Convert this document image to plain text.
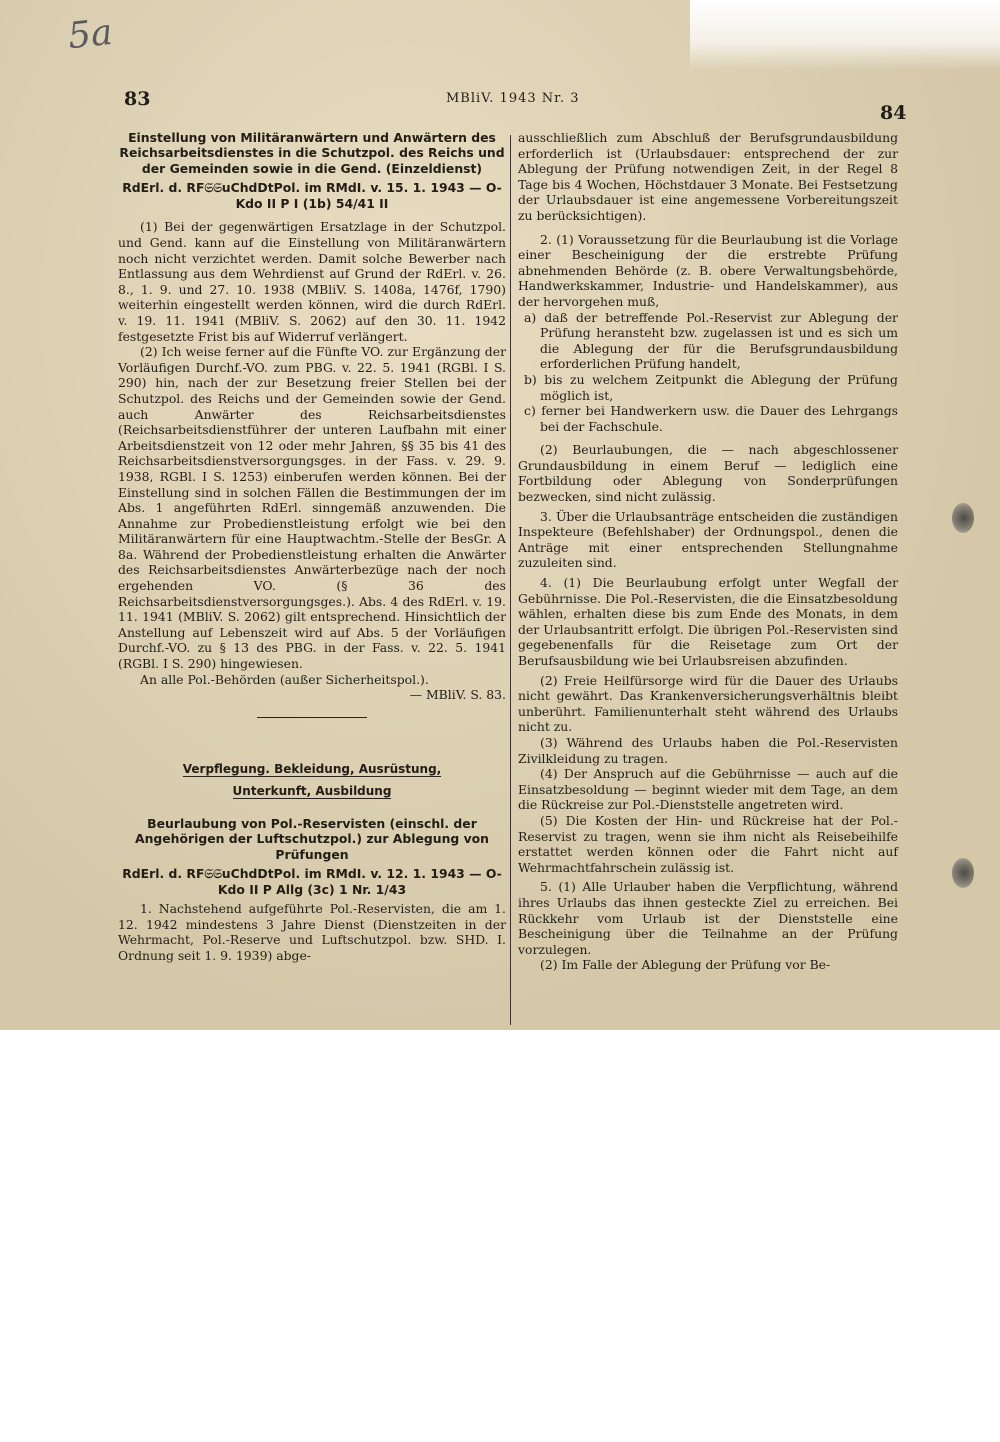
5a
83	MBliV. 1943 Nr. 3
84

Einstellung von Militäranwärtern und Anwärtern des Reichsarbeitsdienstes in die Schutzpol. des Reichs und der Gemeinden sowie in die Gend. (Einzeldienst)

RdErl. d. RF𝔖𝔖uChdDtPol. im RMdI. v. 15. 1. 1943 — O-Kdo II P I (1b) 54/41 II

(1) Bei der gegenwärtigen Ersatzlage in der Schutzpol. und Gend. kann auf die Einstellung von Militäranwärtern noch nicht verzichtet werden. Damit solche Bewerber nach Entlassung aus dem Wehrdienst auf Grund der RdErl. v. 26. 8., 1. 9. und 27. 10. 1938 (MBliV. S. 1408a, 1476f, 1790) weiterhin eingestellt werden können, wird die durch RdErl. v. 19. 11. 1941 (MBliV. S. 2062) auf den 30. 11. 1942 festgesetzte Frist bis auf Widerruf verlängert.

(2) Ich weise ferner auf die Fünfte VO. zur Ergänzung der Vorläufigen Durchf.-VO. zum PBG. v. 22. 5. 1941 (RGBl. I S. 290) hin, nach der zur Besetzung freier Stellen bei der Schutzpol. des Reichs und der Gemeinden sowie der Gend. auch Anwärter des Reichsarbeitsdienstes (Reichsarbeitsdienstführer der unteren Laufbahn mit einer Arbeitsdienstzeit von 12 oder mehr Jahren, §§ 35 bis 41 des Reichsarbeitsdienstversorgungsges. in der Fass. v. 29. 9. 1938, RGBl. I S. 1253) einberufen werden können. Bei der Einstellung sind in solchen Fällen die Bestimmungen der im Abs. 1 angeführten RdErl. sinngemäß anzuwenden. Die Annahme zur Probedienstleistung erfolgt wie bei den Militäranwärtern für eine Hauptwachtm.-Stelle der BesGr. A 8a. Während der Probedienstleistung erhalten die Anwärter des Reichsarbeitsdienstes Anwärterbezüge nach der noch ergehenden VO. (§ 36 des Reichsarbeitsdienstversorgungsges.). Abs. 4 des RdErl. v. 19. 11. 1941 (MBliV. S. 2062) gilt entsprechend. Hinsichtlich der Anstellung auf Lebenszeit wird auf Abs. 5 der Vorläufigen Durchf.-VO. zu § 13 des PBG. in der Fass. v. 22. 5. 1941 (RGBl. I S. 290) hingewiesen.

An alle Pol.-Behörden (außer Sicherheitspol.).

— MBliV. S. 83.

Verpflegung. Bekleidung, Ausrüstung,
Unterkunft, Ausbildung

Beurlaubung von Pol.-Reservisten (einschl. der Angehörigen der Luftschutzpol.) zur Ablegung von Prüfungen

RdErl. d. RF𝔖𝔖uChdDtPol. im RMdI. v. 12. 1. 1943 — O-Kdo II P Allg (3c) 1 Nr. 1/43

1. Nachstehend aufgeführte Pol.-Reservisten, die am 1. 12. 1942 mindestens 3 Jahre Dienst (Dienstzeiten in der Wehrmacht, Pol.-Reserve und Luftschutzpol. bzw. SHD. I. Ordnung seit 1. 9. 1939) abge-

ausschließlich zum Abschluß der Berufsgrundausbildung erforderlich ist (Urlaubsdauer: entsprechend der zur Ablegung der Prüfung notwendigen Zeit, in der Regel 8 Tage bis 4 Wochen, Höchstdauer 3 Monate. Bei Festsetzung der Urlaubsdauer ist eine angemessene Vorbereitungszeit zu berücksichtigen).

2. (1) Voraussetzung für die Beurlaubung ist die Vorlage einer Bescheinigung der die erstrebte Prüfung abnehmenden Behörde (z. B. obere Verwaltungsbehörde, Handwerkskammer, Industrie- und Handelskammer), aus der hervorgehen muß,

a) daß der betreffende Pol.-Reservist zur Ablegung der Prüfung heransteht bzw. zugelassen ist und es sich um die Ablegung der für die Berufsgrundausbildung erforderlichen Prüfung handelt,

b) bis zu welchem Zeitpunkt die Ablegung der Prüfung möglich ist,

c) ferner bei Handwerkern usw. die Dauer des Lehrgangs bei der Fachschule.

(2) Beurlaubungen, die — nach abgeschlossener Grundausbildung in einem Beruf — lediglich eine Fortbildung oder Ablegung von Sonderprüfungen bezwecken, sind nicht zulässig.

3. Über die Urlaubsanträge entscheiden die zuständigen Inspekteure (Befehlshaber) der Ordnungspol., denen die Anträge mit einer entsprechenden Stellungnahme zuzuleiten sind.

4. (1) Die Beurlaubung erfolgt unter Wegfall der Gebührnisse. Die Pol.-Reservisten, die die Einsatzbesoldung wählen, erhalten diese bis zum Ende des Monats, in dem der Urlaubsantritt erfolgt. Die übrigen Pol.-Reservisten sind gegebenenfalls für die Reisetage zum Ort der Berufsausbildung wie bei Urlaubsreisen abzufinden.

(2) Freie Heilfürsorge wird für die Dauer des Urlaubs nicht gewährt. Das Krankenversicherungsverhältnis bleibt unberührt. Familienunterhalt steht während des Urlaubs nicht zu.

(3) Während des Urlaubs haben die Pol.-Reservisten Zivilkleidung zu tragen.

(4) Der Anspruch auf die Gebührnisse — auch auf die Einsatzbesoldung — beginnt wieder mit dem Tage, an dem die Rückreise zur Pol.-Dienststelle angetreten wird.

(5) Die Kosten der Hin- und Rückreise hat der Pol.-Reservist zu tragen, wenn sie ihm nicht als Reisebeihilfe erstattet werden können oder die Fahrt nicht auf Wehrmachtfahrschein zulässig ist.

5. (1) Alle Urlauber haben die Verpflichtung, während ihres Urlaubs das ihnen gesteckte Ziel zu erreichen. Bei Rückkehr vom Urlaub ist der Dienststelle eine Bescheinigung über die Teilnahme an der Prüfung vorzulegen.

(2) Im Falle der Ablegung der Prüfung vor Be-
